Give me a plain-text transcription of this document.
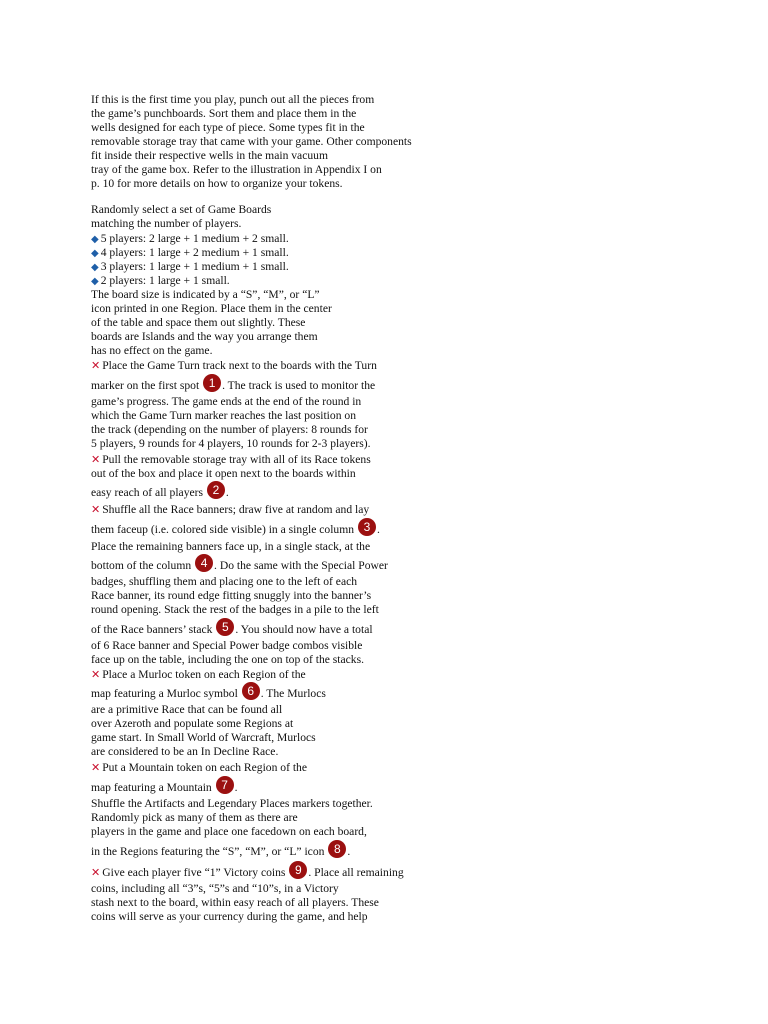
If this is the first time you play, punch out all the pieces from
the game’s punchboards. Sort them and place them in the
wells designed for each type of piece. Some types fit in the
removable storage tray that came with your game. Other components
fit inside their respective wells in the main vacuum
tray of the game box. Refer to the illustration in Appendix I on
p. 10 for more details on how to organize your tokens.
Randomly select a set of Game Boards
matching the number of players.
◆ 5 players: 2 large + 1 medium + 2 small.
◆ 4 players: 1 large + 2 medium + 1 small.
◆ 3 players: 1 large + 1 medium + 1 small.
◆ 2 players: 1 large + 1 small.
The board size is indicated by a “S”, “M”, or “L”
icon printed in one Region. Place them in the center
of the table and space them out slightly. These
boards are Islands and the way you arrange them
has no effect on the game.
✕ Place the Game Turn track next to the boards with the Turn
marker on the first spot 1 . The track is used to monitor the
game’s progress. The game ends at the end of the round in
which the Game Turn marker reaches the last position on
the track (depending on the number of players: 8 rounds for
5 players, 9 rounds for 4 players, 10 rounds for 2-3 players).
✕ Pull the removable storage tray with all of its Race tokens
out of the box and place it open next to the boards within
easy reach of all players 2 .
✕ Shuffle all the Race banners; draw five at random and lay
them faceup (i.e. colored side visible) in a single column 3 .
Place the remaining banners face up, in a single stack, at the
bottom of the column 4 . Do the same with the Special Power
badges, shuffling them and placing one to the left of each
Race banner, its round edge fitting snuggly into the banner’s
round opening. Stack the rest of the badges in a pile to the left
of the Race banners’ stack 5 . You should now have a total
of 6 Race banner and Special Power badge combos visible
face up on the table, including the one on top of the stacks.
✕ Place a Murloc token on each Region of the
map featuring a Murloc symbol 6 . The Murlocs
are a primitive Race that can be found all
over Azeroth and populate some Regions at
game start. In Small World of Warcraft, Murlocs
are considered to be an In Decline Race.
✕ Put a Mountain token on each Region of the
map featuring a Mountain 7 .
Shuffle the Artifacts and Legendary Places markers together.
Randomly pick as many of them as there are
players in the game and place one facedown on each board,
in the Regions featuring the “S”, “M”, or “L” icon 8 .
✕ Give each player five “1” Victory coins 9 . Place all remaining
coins, including all “3”s, “5”s and “10”s, in a Victory
stash next to the board, within easy reach of all players. These
coins will serve as your currency during the game, and help
